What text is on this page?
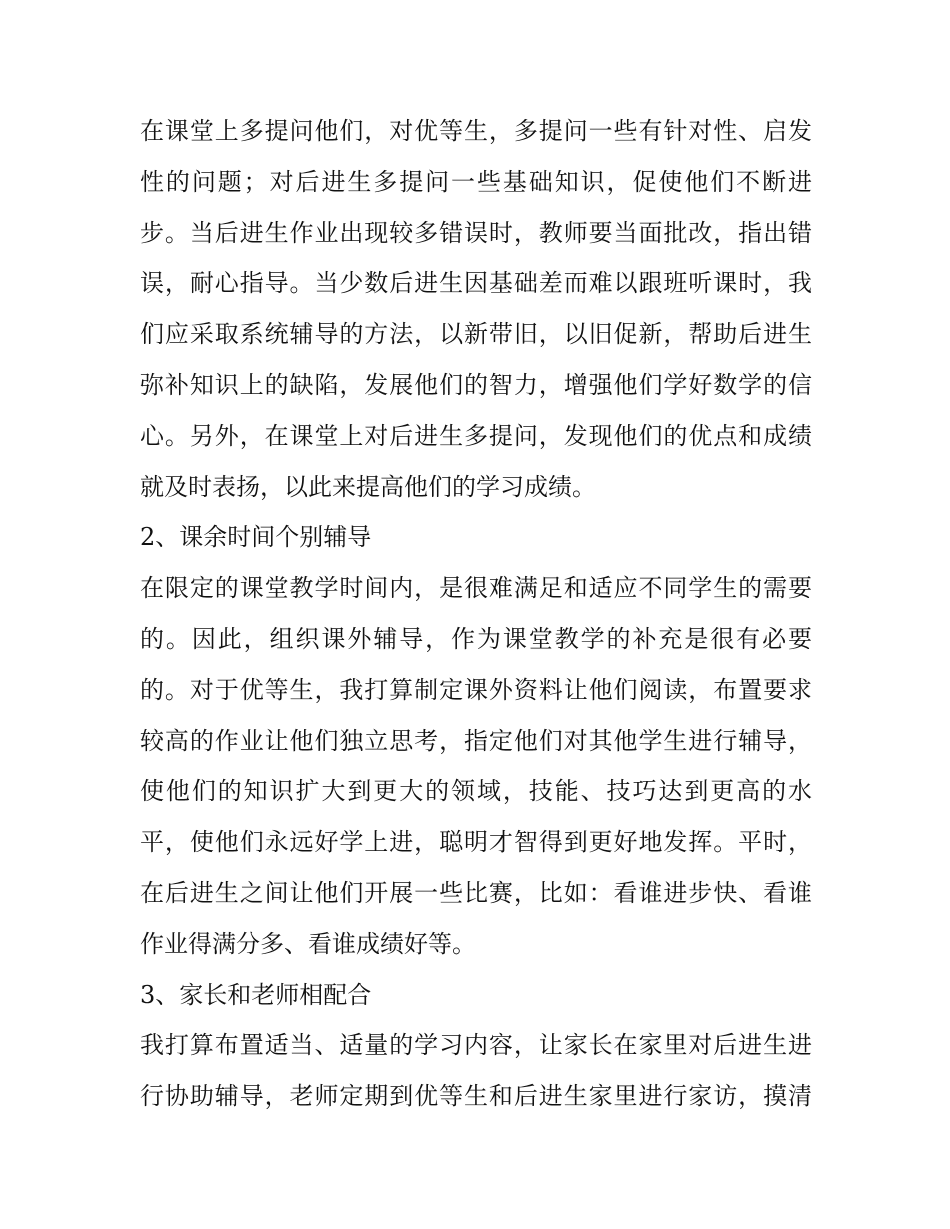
在课堂上多提问他们，对优等生，多提问一些有针对性、启发
性的问题；对后进生多提问一些基础知识，促使他们不断进
步。当后进生作业出现较多错误时，教师要当面批改，指出错
误，耐心指导。当少数后进生因基础差而难以跟班听课时，我
们应采取系统辅导的方法，以新带旧，以旧促新，帮助后进生
弥补知识上的缺陷，发展他们的智力，增强他们学好数学的信
心。另外，在课堂上对后进生多提问，发现他们的优点和成绩
就及时表扬，以此来提高他们的学习成绩。
2、课余时间个别辅导
在限定的课堂教学时间内，是很难满足和适应不同学生的需要
的。因此，组织课外辅导，作为课堂教学的补充是很有必要
的。对于优等生，我打算制定课外资料让他们阅读，布置要求
较高的作业让他们独立思考，指定他们对其他学生进行辅导，
使他们的知识扩大到更大的领域，技能、技巧达到更高的水
平，使他们永远好学上进，聪明才智得到更好地发挥。平时，
在后进生之间让他们开展一些比赛，比如：看谁进步快、看谁
作业得满分多、看谁成绩好等。
3、家长和老师相配合
我打算布置适当、适量的学习内容，让家长在家里对后进生进
行协助辅导，老师定期到优等生和后进生家里进行家访，摸清
